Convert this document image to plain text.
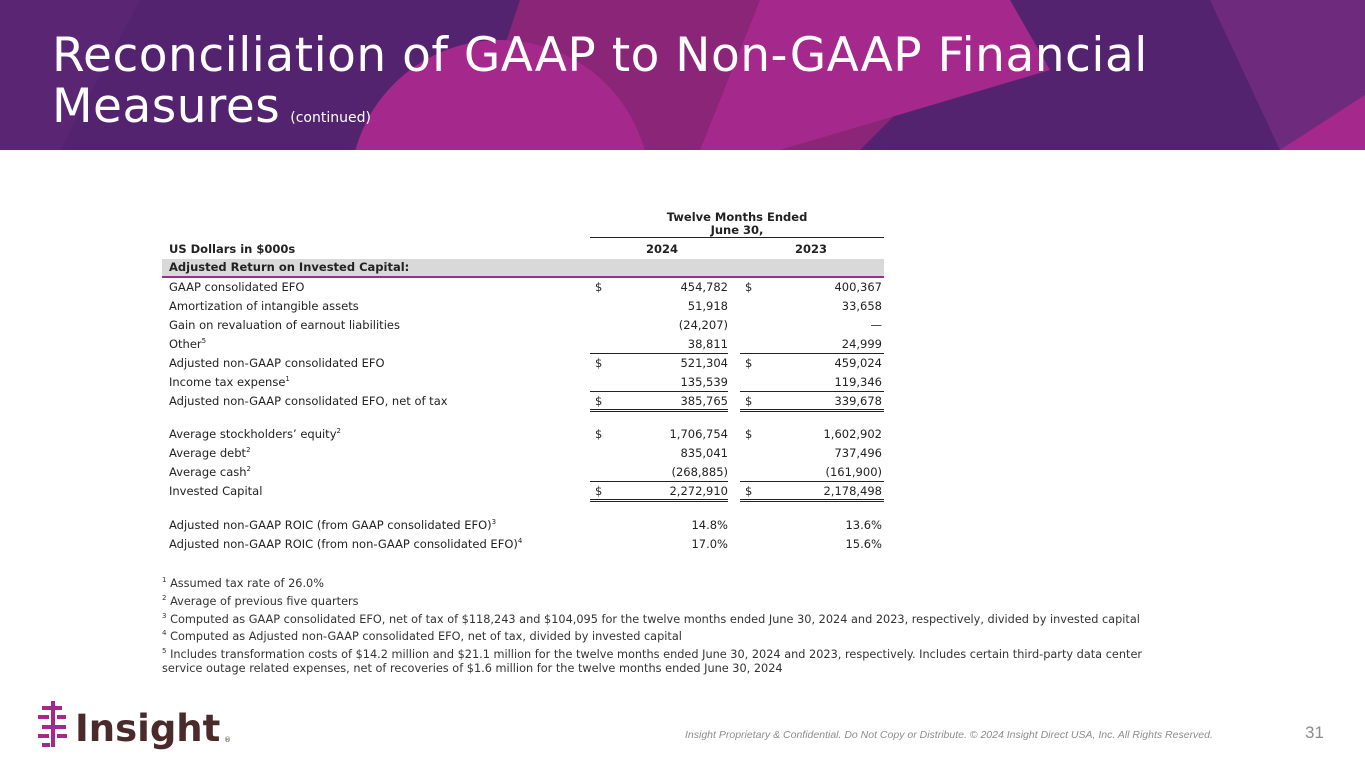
Reconciliation of GAAP to Non-GAAP Financial
Measures (continued)
Twelve Months Ended
June 30,
US Dollars in $000s	2024	2023
Adjusted Return on Invested Capital:
GAAP consolidated EFO	$	454,782 $	400,367
Amortization of intangible assets	51,918	33,658
Gain on revaluation of earnout liabilities	(24,207)	—
Other$^5$	38,811	24,999
Adjusted non-GAAP consolidated EFO	$	521,304 $	459,024
Income tax expense$^1$	135,539	119,346
Adjusted non-GAAP consolidated EFO, net of tax	$	385,765 $	339,678
Average stockholders’ equity$^2$	$	1,706,754 $	1,602,902
Average debt$^2$	835,041	737,496
Average cash$^2$	(268,885)	(161,900)
Invested Capital	$	2,272,910 $	2,178,498
Adjusted non-GAAP ROIC (from GAAP consolidated EFO)$^3$	14.8%	13.6%
Adjusted non-GAAP ROIC (from non-GAAP consolidated EFO)$^4$	17.0%	15.6%
$^1$ Assumed tax rate of 26.0%
$^2$ Average of previous five quarters
$^3$ Computed as GAAP consolidated EFO, net of tax of $118,243 and $104,095 for the twelve months ended June 30, 2024 and 2023, respectively, divided by invested capital
$^4$ Computed as Adjusted non-GAAP consolidated EFO, net of tax, divided by invested capital
$^5$ Includes transformation costs of $14.2 million and $21.1 million for the twelve months ended June 30, 2024 and 2023, respectively. Includes certain third-party data center
service outage related expenses, net of recoveries of $1.6 million for the twelve months ended June 30, 2024
Insight ®	Insight Proprietary & Confidential. Do Not Copy or Distribute. © 2024 Insight Direct USA, Inc. All Rights Reserved.	31
